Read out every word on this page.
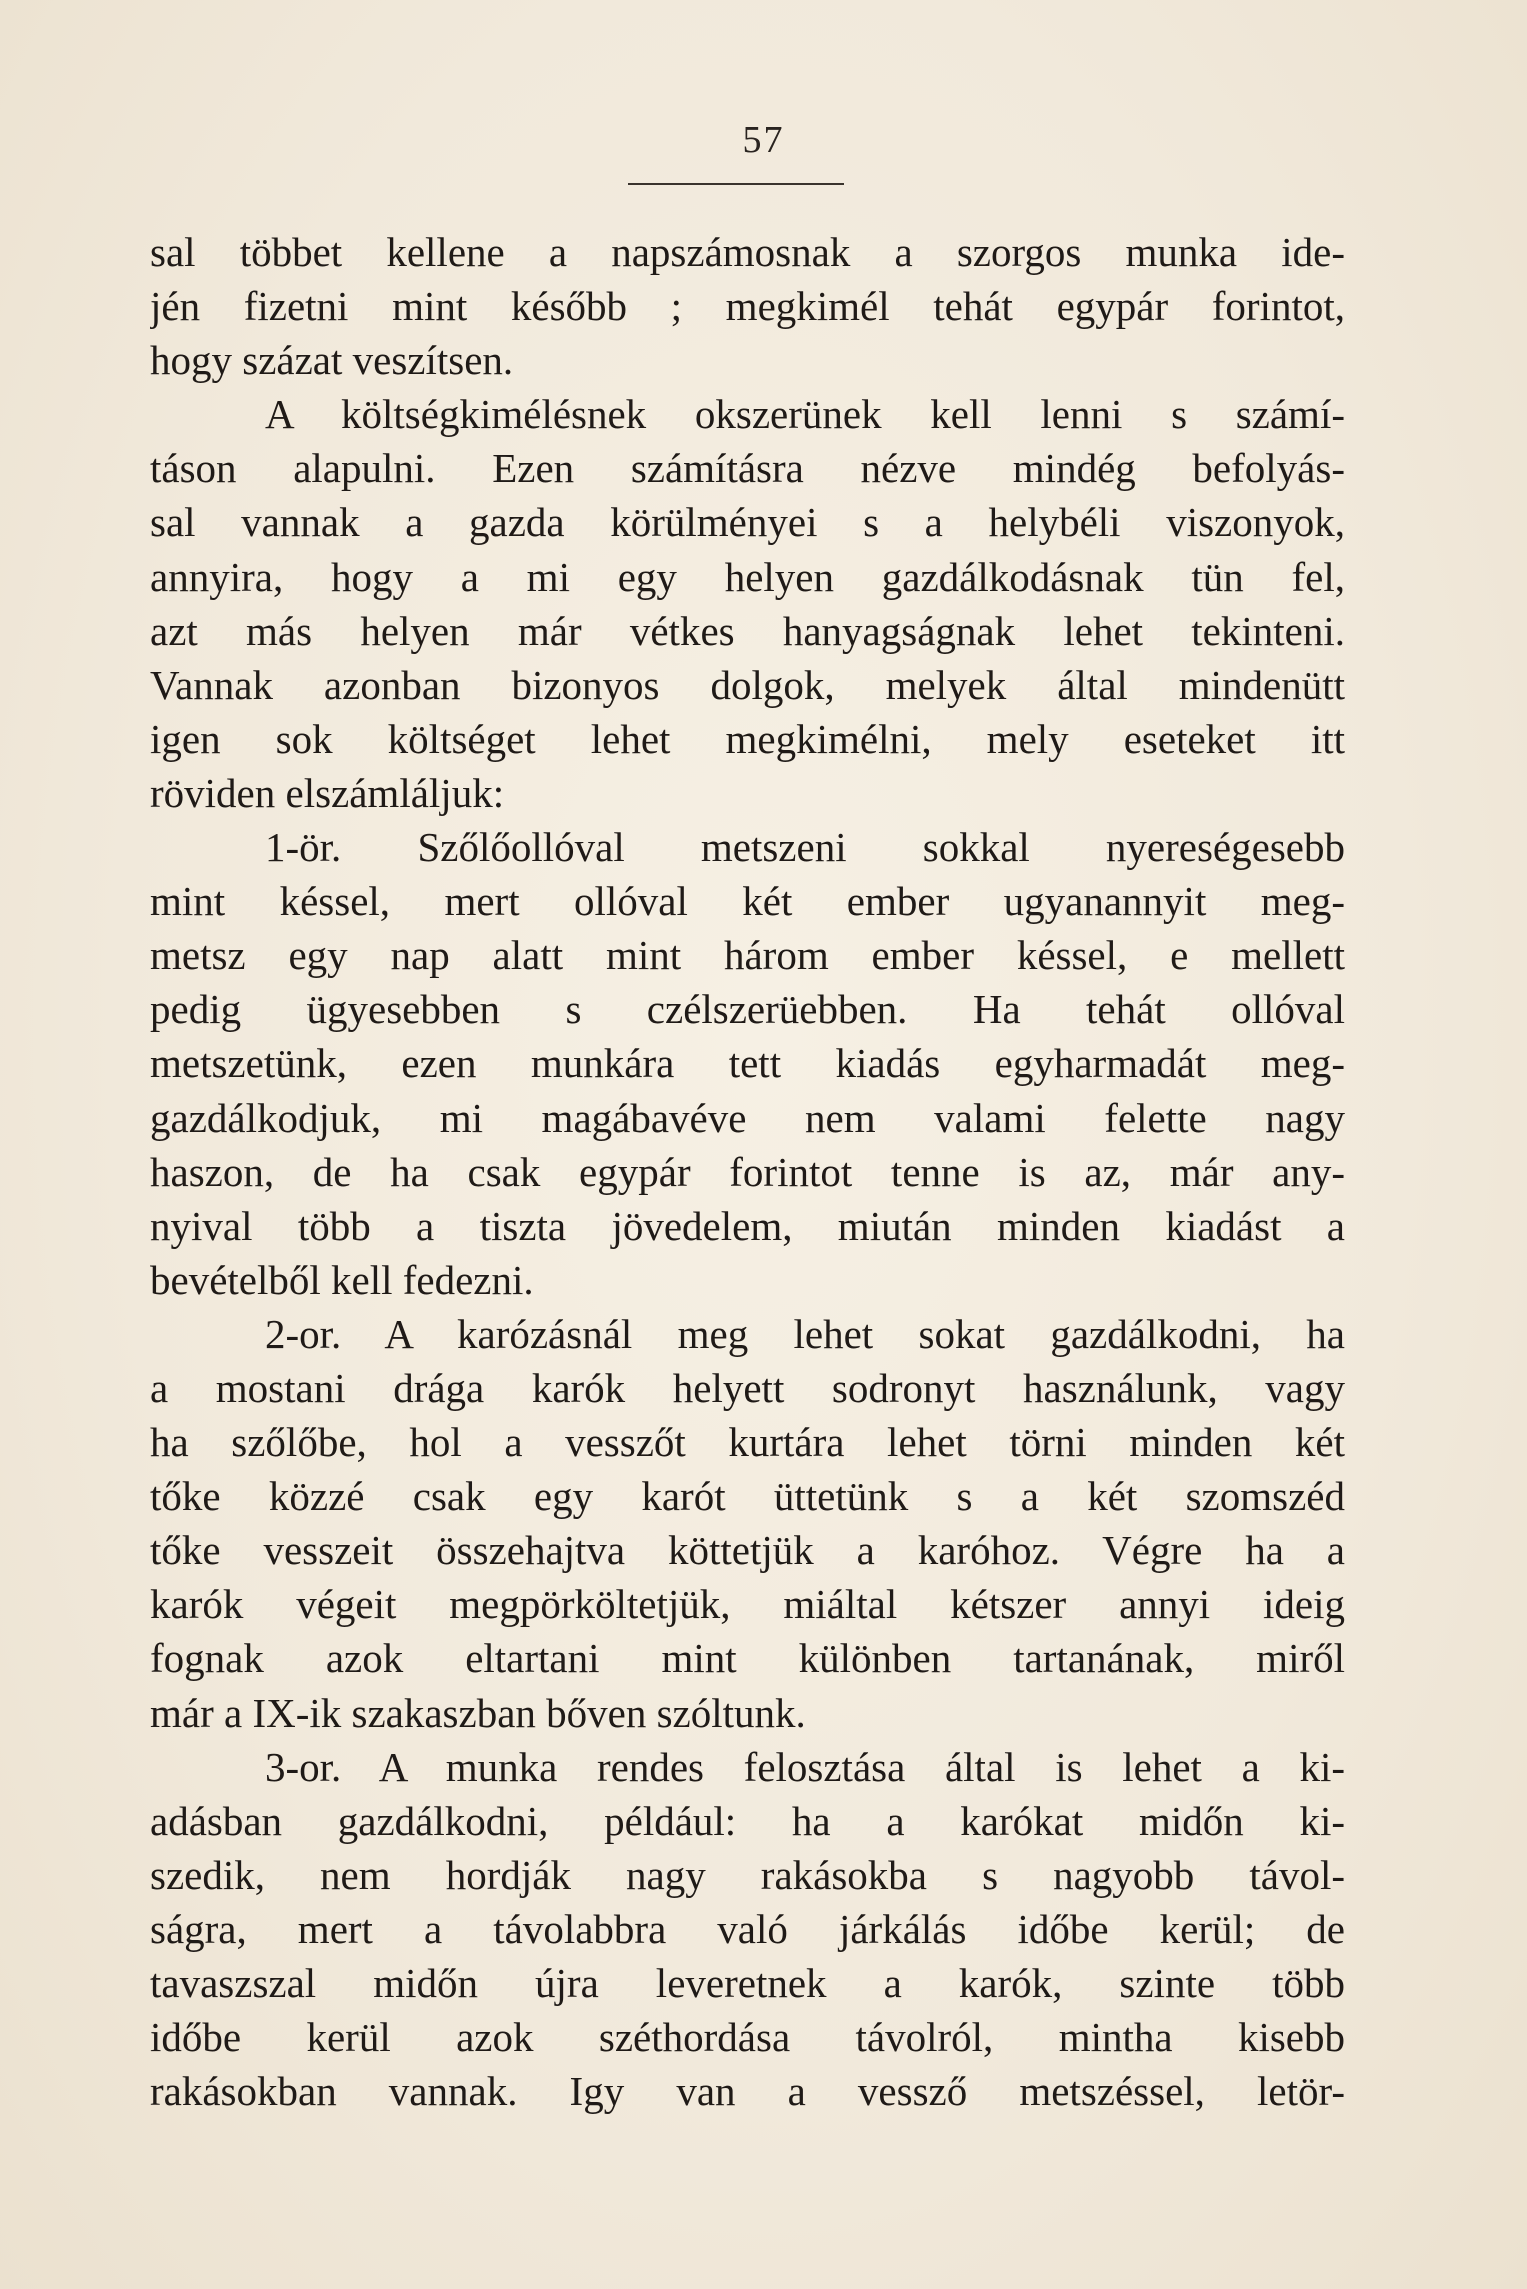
57
sal többet kellene a napszámosnak a szorgos munka ide-
jén fizetni mint később ; megkimél tehát egypár forintot,
hogy százat veszítsen.
A költségkimélésnek okszerünek kell lenni s számí-
táson alapulni. Ezen számításra nézve mindég befolyás-
sal vannak a gazda körülményei s a helybéli viszonyok,
annyira, hogy a mi egy helyen gazdálkodásnak tün fel,
azt más helyen már vétkes hanyagságnak lehet tekinteni.
Vannak azonban bizonyos dolgok, melyek által mindenütt
igen sok költséget lehet megkimélni, mely eseteket itt
röviden elszámláljuk:
1-ör. Szőlőollóval metszeni sokkal nyereségesebb
mint késsel, mert ollóval két ember ugyanannyit meg-
metsz egy nap alatt mint három ember késsel, e mellett
pedig ügyesebben s czélszerüebben. Ha tehát ollóval
metszetünk, ezen munkára tett kiadás egyharmadát meg-
gazdálkodjuk, mi magábavéve nem valami felette nagy
haszon, de ha csak egypár forintot tenne is az, már any-
nyival több a tiszta jövedelem, miután minden kiadást a
bevételből kell fedezni.
2-or. A karózásnál meg lehet sokat gazdálkodni, ha
a mostani drága karók helyett sodronyt használunk, vagy
ha szőlőbe, hol a vesszőt kurtára lehet törni minden két
tőke közzé csak egy karót üttetünk s a két szomszéd
tőke vesszeit összehajtva köttetjük a karóhoz. Végre ha a
karók végeit megpörköltetjük, miáltal kétszer annyi ideig
fognak azok eltartani mint különben tartanának, miről
már a IX-ik szakaszban bőven szóltunk.
3-or. A munka rendes felosztása által is lehet a ki-
adásban gazdálkodni, például: ha a karókat midőn ki-
szedik, nem hordják nagy rakásokba s nagyobb távol-
ságra, mert a távolabbra való járkálás időbe kerül; de
tavaszszal midőn újra leveretnek a karók, szinte több
időbe kerül azok széthordása távolról, mintha kisebb
rakásokban vannak. Igy van a vessző metszéssel, letör-
